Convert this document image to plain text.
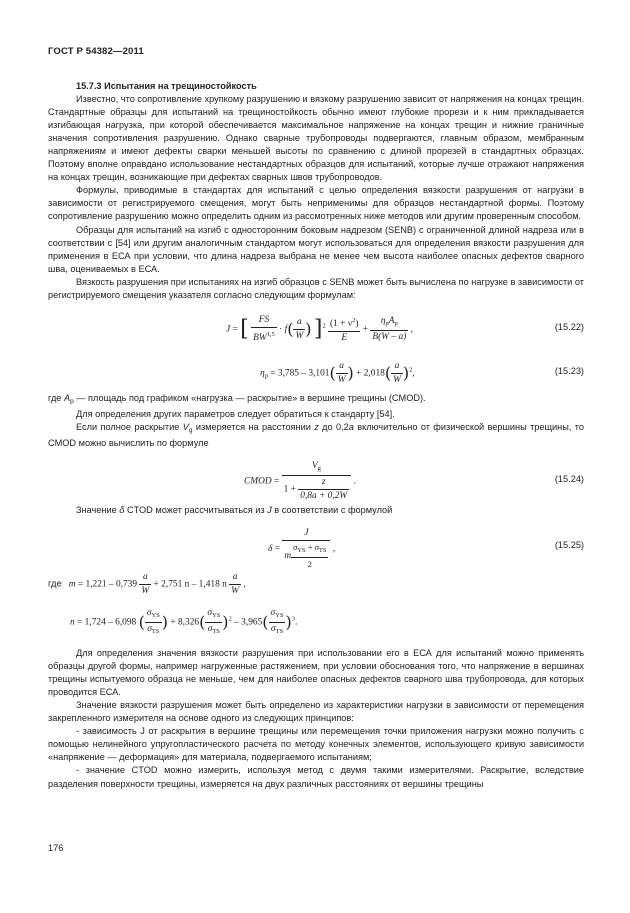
ГОСТ Р 54382—2011

15.7.3 Испытания на трещиностойкость

Известно, что сопротивление хрупкому разрушению и вязкому разрушению зависит от напряжения на концах трещин. Стандартные образцы для испытаний на трещиностойкость обычно имеют глубокие прорези и к ним прикладывается изгибающая нагрузка, при которой обеспечивается максимальное напряжение на концах трещин и нижние граничные значения сопротивления разрушению. Однако сварные трубопроводы подвергаются, главным образом, мембранным напряжениям и имеют дефекты сварки меньшей высоты по сравнению с длиной прорезей в стандартных образцах. Поэтому вполне оправдано использование нестандартных образцов для испытаний, которые лучше отражают напряжения на концах трещин, возникающие при дефектах сварных швов трубопроводов.

Формулы, приводимые в стандартах для испытаний с целью определения вязкости разрушения от нагрузки в зависимости от регистрируемого смещения, могут быть неприменимы для образцов нестандартной формы. Поэтому сопротивление разрушению можно определить одним из рассмотренных ниже методов или другим проверенным способом.

Образцы для испытаний на изгиб с односторонним боковым надрезом (SENB) с ограниченной длиной надреза или в соответствии с [54] или другим аналогичным стандартом могут использоваться для определения вязкости разрушения для применения в ЕСА при условии, что длина надреза выбрана не менее чем высота наиболее опасных дефектов сварного шва, оцениваемых в ЕСА.

Вязкость разрушения при испытаниях на изгиб образцов с SENB может быть вычислена по нагрузке в зависимости от регистрируемого смещения указателя согласно следующим формулам:

J = [ $\frac{FS}{BW^{1,5}} \cdot f( \frac{a}{W}$ ) ]$^2 \frac{(1 + \nu^2)}{E} + \frac{\eta_pA_p}{B(W - a)}$ ,	(15.22)
$\eta_p = 3,785 - 3,101( \frac{a}{W}$ ) + $2,018( \frac{a}{W} )^2$,	(15.23)

где $A_p$ — площадь под графиком «нагрузка — раскрытие» в вершине трещины (CMOD).

Для определения других параметров следует обратиться к стандарту [54].

Если полное раскрытие $V_g$ измеряется на расстоянии z до 0,2a включительно от физической вершины трещины, то CMOD можно вычислить по формуле

CMOD = $\frac{V_g}{1 + \frac{z}{0,8a + 0,2W}}$ .	(15.24)

Значение δ CTOD может рассчитываться из J в соответствии с формулой

$\delta = \frac{J}{m \frac{\sigma_{YS} + \sigma_{TS}}{2}}$ ,	(15.25)
где $m = 1,221 - 0,739 \frac{a}{W} + 2,751$ n – 1,418 n $\frac{a}{W}$ ,
n = 1,724 – 6,098 ( $\frac{\sigma_{YS}}{\sigma_{TS}}$ ) + $8,326( \frac{\sigma_{YS}}{\sigma_{TS}} )^2 - 3,965( \frac{\sigma_{YS}}{\sigma_{TS}} )^3$.

Для определения значения вязкости разрушения при использовании его в ЕСА для испытаний можно применять образцы другой формы, например нагруженные растяжением, при условии обоснования того, что напряжение в вершинах трещины испытуемого образца не меньше, чем для наиболее опасных дефектов сварного шва трубопровода, для которых проводится ЕСА.

Значение вязкости разрушения может быть определено из характеристики нагрузки в зависимости от перемещения закрепленного измерителя на основе одного из следующих принципов:

- зависимость J от раскрытия в вершине трещины или перемещения точки приложения нагрузки можно получить с помощью нелинейного упругопластического расчета по методу конечных элементов, использующего кривую зависимости «напряжение — деформация» для материала, подвергаемого испытаниям;

- значение CTOD можно измерить, используя метод с двумя такими измерителями. Раскрытие, вследствие разделения поверхности трещины, измеряется на двух различных расстояниях от вершины трещины

176
